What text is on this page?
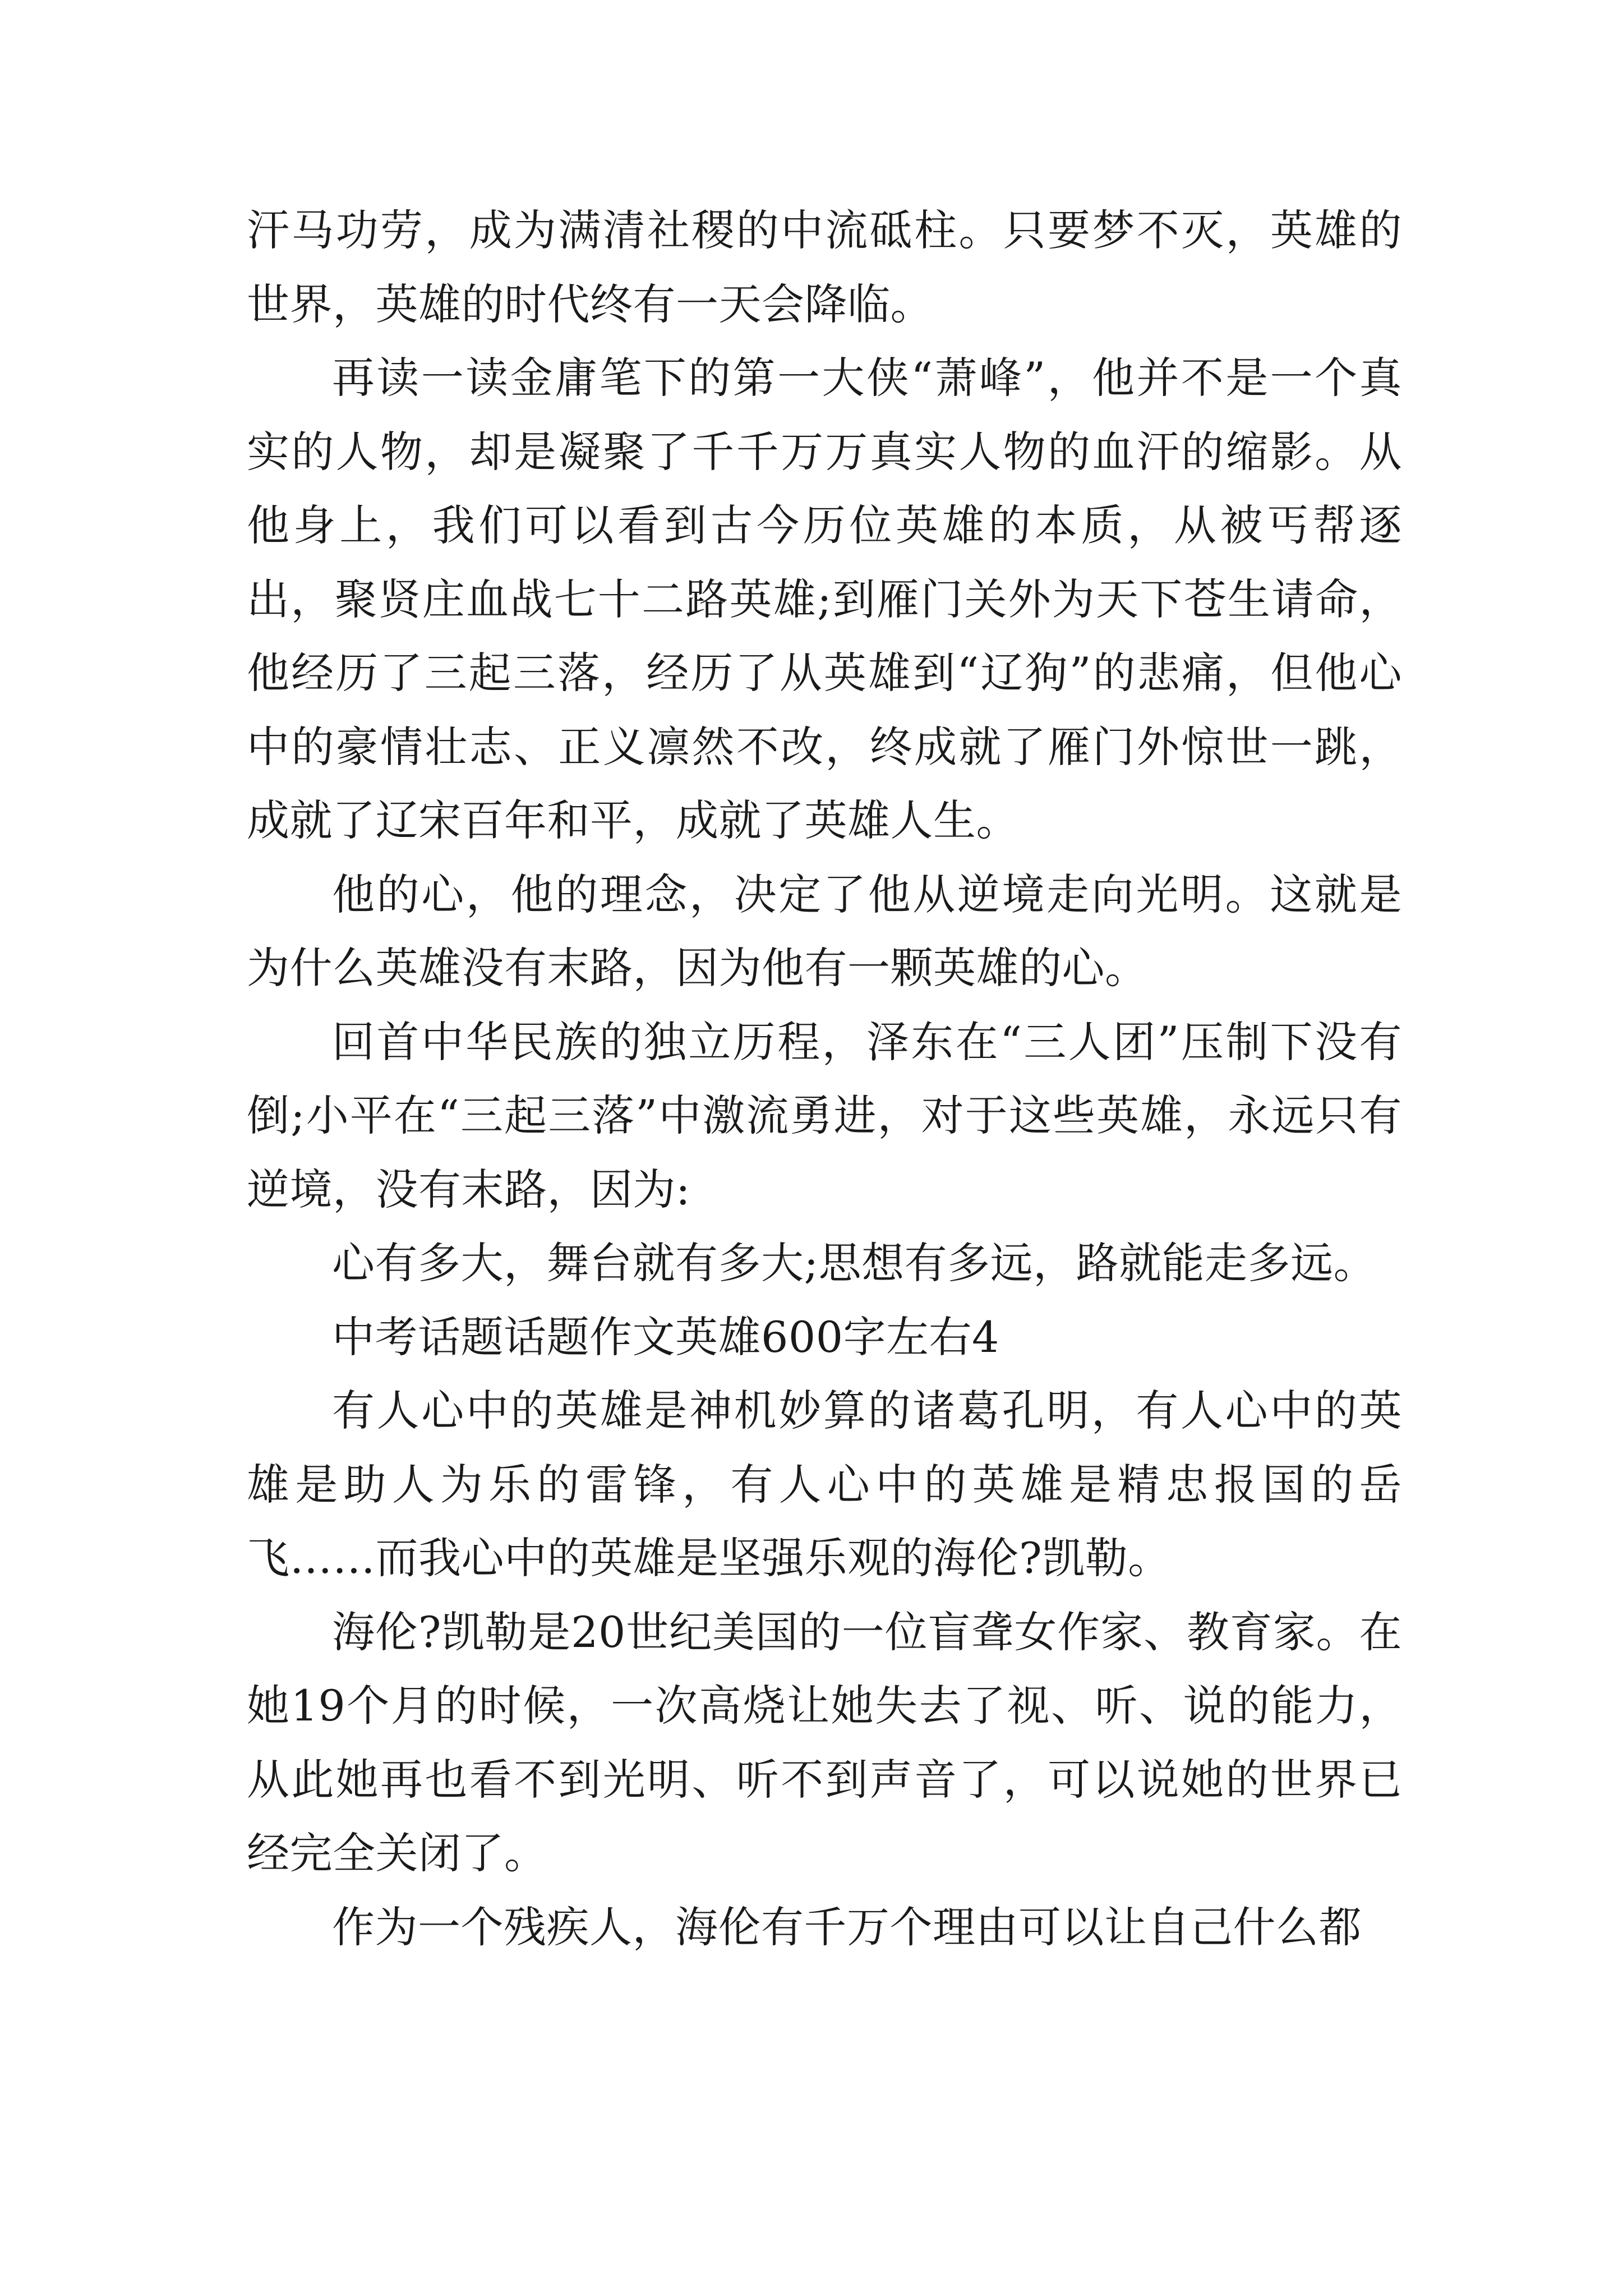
汗马功劳，成为满清社稷的中流砥柱。只要梦不灭，英雄的世界，英雄的时代终有一天会降临。

再读一读金庸笔下的第一大侠“萧峰”，他并不是一个真实的人物，却是凝聚了千千万万真实人物的血汗的缩影。从他身上，我们可以看到古今历位英雄的本质，从被丐帮逐出，聚贤庄血战七十二路英雄;到雁门关外为天下苍生请命，他经历了三起三落，经历了从英雄到“辽狗”的悲痛，但他心中的豪情壮志、正义凛然不改，终成就了雁门外惊世一跳，成就了辽宋百年和平，成就了英雄人生。

他的心，他的理念，决定了他从逆境走向光明。这就是为什么英雄没有末路，因为他有一颗英雄的心。

回首中华民族的独立历程，泽东在“三人团”压制下没有倒;小平在“三起三落”中激流勇进，对于这些英雄，永远只有逆境，没有末路，因为:

心有多大，舞台就有多大;思想有多远，路就能走多远。

中考话题话题作文英雄600字左右4

有人心中的英雄是神机妙算的诸葛孔明，有人心中的英雄是助人为乐的雷锋，有人心中的英雄是精忠报国的岳飞……而我心中的英雄是坚强乐观的海伦?凯勒。

海伦?凯勒是20世纪美国的一位盲聋女作家、教育家。在她19个月的时候，一次高烧让她失去了视、听、说的能力，从此她再也看不到光明、听不到声音了，可以说她的世界已经完全关闭了。

作为一个残疾人，海伦有千万个理由可以让自己什么都
